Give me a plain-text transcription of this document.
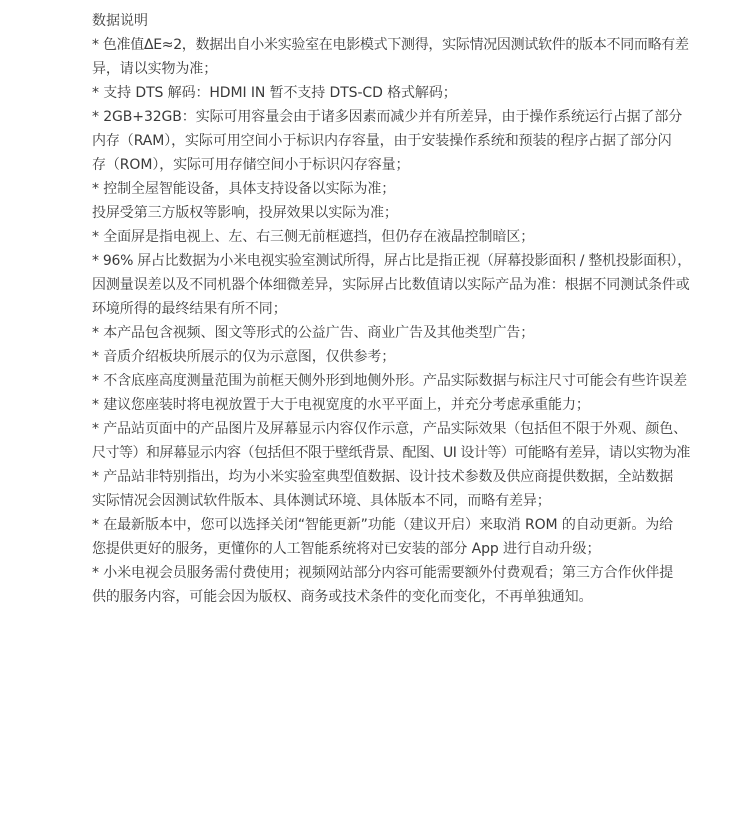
数据说明
* 色准值ΔE≈2，数据出自小米实验室在电影模式下测得，实际情况因测试软件的版本不同而略有差
异，请以实物为准；
* 支持 DTS 解码：HDMI IN 暂不支持 DTS-CD 格式解码；
* 2GB+32GB：实际可用容量会由于诸多因素而减少并有所差异，由于操作系统运行占据了部分
内存（RAM），实际可用空间小于标识内存容量，由于安装操作系统和预装的程序占据了部分闪
存（ROM），实际可用存储空间小于标识闪存容量；
* 控制全屋智能设备，具体支持设备以实际为准；
投屏受第三方版权等影响，投屏效果以实际为准；
* 全面屏是指电视上、左、右三侧无前框遮挡，但仍存在液晶控制暗区；
* 96% 屏占比数据为小米电视实验室测试所得，屏占比是指正视（屏幕投影面积 / 整机投影面积），
因测量误差以及不同机器个体细微差异，实际屏占比数值请以实际产品为准：根据不同测试条件或
环境所得的最终结果有所不同；
* 本产品包含视频、图文等形式的公益广告、商业广告及其他类型广告；
* 音质介绍板块所展示的仅为示意图，仅供参考；
* 不含底座高度测量范围为前框天侧外形到地侧外形。产品实际数据与标注尺寸可能会有些许误差
* 建议您座装时将电视放置于大于电视宽度的水平平面上，并充分考虑承重能力；
* 产品站页面中的产品图片及屏幕显示内容仅作示意，产品实际效果（包括但不限于外观、颜色、
尺寸等）和屏幕显示内容（包括但不限于壁纸背景、配图、UI 设计等）可能略有差异，请以实物为准
* 产品站非特别指出，均为小米实验室典型值数据、设计技术参数及供应商提供数据，全站数据
实际情况会因测试软件版本、具体测试环境、具体版本不同，而略有差异；
* 在最新版本中，您可以选择关闭“智能更新”功能（建议开启）来取消 ROM 的自动更新。为给
您提供更好的服务，更懂你的人工智能系统将对已安装的部分 App 进行自动升级；
* 小米电视会员服务需付费使用；视频网站部分内容可能需要额外付费观看；第三方合作伙伴提
供的服务内容，可能会因为版权、商务或技术条件的变化而变化，不再单独通知。
